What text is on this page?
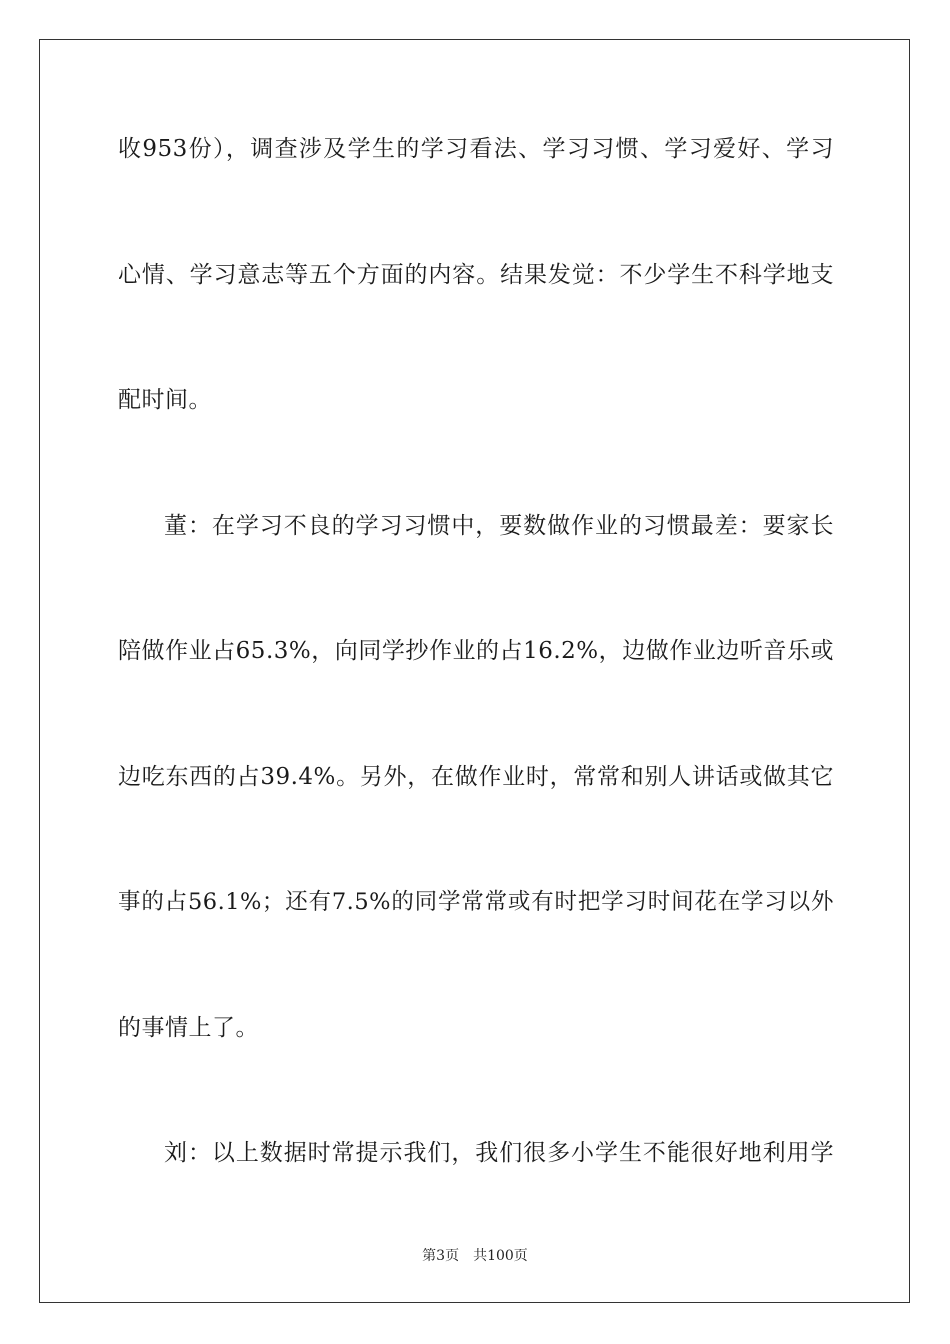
收953份），调查涉及学生的学习看法、学习习惯、学习爱好、学习
心情、学习意志等五个方面的内容。结果发觉：不少学生不科学地支
配时间。
董：在学习不良的学习习惯中，要数做作业的习惯最差：要家长
陪做作业占65.3%，向同学抄作业的占16.2%，边做作业边听音乐或
边吃东西的占39.4%。另外，在做作业时，常常和别人讲话或做其它
事的占56.1%；还有7.5%的同学常常或有时把学习时间花在学习以外
的事情上了。
刘：以上数据时常提示我们，我们很多小学生不能很好地利用学
第3页　共100页
